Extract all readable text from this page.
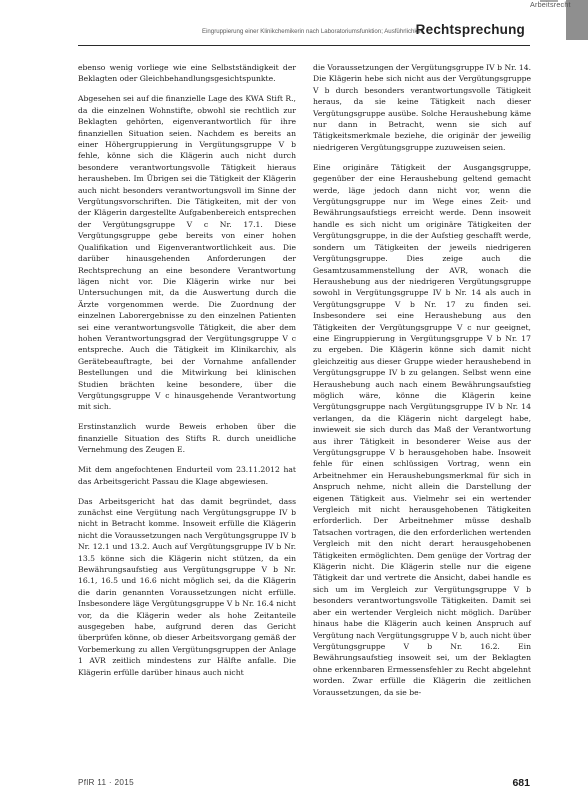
Arbeitsrecht
Eingruppierung einer Klinikchemikerin nach Laboratoriumsfunktion; Ausführlichkeit
Rechtsprechung

ebenso wenig vorliege wie eine Selbstständigkeit der Beklagten oder Gleichbehandlungsgesichtspunkte.

Abgesehen sei auf die finanzielle Lage des KWA Stift R., da die einzelnen Wohnstifte, obwohl sie rechtlich zur Beklagten gehörten, eigenverantwortlich für ihre finanziellen Situation seien. Nachdem es bereits an einer Höhergruppierung in Vergütungsgruppe V b fehle, könne sich die Klägerin auch nicht durch besondere verantwortungsvolle Tätigkeit hieraus herausheben. Im Übrigen sei die Tätigkeit der Klägerin auch nicht besonders verantwortungsvoll im Sinne der Vergütungsvorschriften. Die Tätigkeiten, mit der von der Klägerin dargestellte Aufgabenbereich entsprechen der Vergütungsgruppe V c Nr. 17.1. Diese Vergütungsgruppe gebe bereits von einer hohen Qualifikation und Eigenverantwortlichkeit aus. Die darüber hinausgehenden Anforderungen der Rechtsprechung an eine besondere Verantwortung lägen nicht vor. Die Klägerin wirke nur bei Untersuchungen mit, da die Auswertung durch die Ärzte vorgenommen werde. Die Zuordnung der einzelnen Laborergebnisse zu den einzelnen Patienten sei eine verantwortungsvolle Tätigkeit, die aber dem hohen Verantwortungsgrad der Vergütungsgruppe V c entspreche. Auch die Tätigkeit im Klinikarchiv, als Gerätebeauftragte, bei der Vornahme anfallender Bestellungen und die Mitwirkung bei klinischen Studien brächten keine besondere, über die Vergütungsgruppe V c hinausgehende Verantwortung mit sich.

Erstinstanzlich wurde Beweis erhoben über die finanzielle Situation des Stifts R. durch uneidliche Vernehmung des Zeugen E.

Mit dem angefochtenen Endurteil vom 23.11.2012 hat das Arbeitsgericht Passau die Klage abgewiesen.

Das Arbeitsgericht hat das damit begründet, dass zunächst eine Vergütung nach Vergütungsgruppe IV b nicht in Betracht komme. Insoweit erfülle die Klägerin nicht die Voraussetzungen nach Vergütungsgruppe IV b Nr. 12.1 und 13.2. Auch auf Vergütungsgruppe IV b Nr. 13.5 könne sich die Klägerin nicht stützen, da ein Bewährungsaufstieg aus Vergütungsgruppe V b Nr. 16.1, 16.5 und 16.6 nicht möglich sei, da die Klägerin die darin genannten Voraussetzungen nicht erfülle. Insbesondere läge Vergütungsgruppe V b Nr. 16.4 nicht vor, da die Klägerin weder als hohe Zeitanteile ausgegeben habe, aufgrund deren das Gericht überprüfen könne, ob dieser Arbeitsvorgang gemäß der Vorbemerkung zu allen Vergütungsgruppen der Anlage 1 AVR zeitlich mindestens zur Hälfte anfalle. Die Klägerin erfülle darüber hinaus auch nicht

die Voraussetzungen der Vergütungsgruppe IV b Nr. 14. Die Klägerin hebe sich nicht aus der Vergütungsgruppe V b durch besonders verantwortungsvolle Tätigkeit heraus, da sie keine Tätigkeit nach dieser Vergütungsgruppe ausübe. Solche Heraushebung käme nur dann in Betracht, wenn sie sich auf Tätigkeitsmerkmale beziehe, die originär der jeweilig niedrigeren Vergütungsgruppe zuzuweisen seien.

Eine originäre Tätigkeit der Ausgangsgruppe, gegenüber der eine Heraushebung geltend gemacht werde, läge jedoch dann nicht vor, wenn die Vergütungsgruppe nur im Wege eines Zeit- und Bewährungsaufstiegs erreicht werde. Denn insoweit handle es sich nicht um originäre Tätigkeiten der Vergütungsgruppe, in die der Aufstieg geschafft werde, sondern um Tätigkeiten der jeweils niedrigeren Vergütungsgruppe. Dies zeige auch die Gesamtzusammenstellung der AVR, wonach die Heraushebung aus der niedrigeren Vergütungsgruppe sowohl in Vergütungsgruppe IV b Nr. 14 als auch in Vergütungsgruppe V b Nr. 17 zu finden sei. Insbesondere sei eine Heraushebung aus den Tätigkeiten der Vergütungsgruppe V c nur geeignet, eine Eingruppierung in Vergütungsgruppe V b Nr. 17 zu ergeben. Die Klägerin könne sich damit nicht gleichzeitig aus dieser Gruppe wieder heraushebend in Vergütungsgruppe IV b zu gelangen. Selbst wenn eine Heraushebung auch nach einem Bewährungsaufstieg möglich wäre, könne die Klägerin keine Vergütungsgruppe nach Vergütungsgruppe IV b Nr. 14 verlangen, da die Klägerin nicht dargelegt habe, inwieweit sie sich durch das Maß der Verantwortung aus ihrer Tätigkeit in besonderer Weise aus der Vergütungsgruppe V b herausgehoben habe. Insoweit fehle für einen schlüssigen Vortrag, wenn ein Arbeitnehmer ein Heraushebungsmerkmal für sich in Anspruch nehme, nicht allein die Darstellung der eigenen Tätigkeit aus. Vielmehr sei ein wertender Vergleich mit nicht herausgehobenen Tätigkeiten erforderlich. Der Arbeitnehmer müsse deshalb Tatsachen vortragen, die den erforderlichen wertenden Vergleich mit den nicht derart herausgehobenen Tätigkeiten ermöglichten. Dem genüge der Vortrag der Klägerin nicht. Die Klägerin stelle nur die eigene Tätigkeit dar und vertrete die Ansicht, dabei handle es sich um im Vergleich zur Vergütungsgruppe V b besonders verantwortungsvolle Tätigkeiten. Damit sei aber ein wertender Vergleich nicht möglich. Darüber hinaus habe die Klägerin auch keinen Anspruch auf Vergütung nach Vergütungsgruppe V b, auch nicht über Vergütungsgruppe V b Nr. 16.2. Ein Bewährungsaufstieg insoweit sei, um der Beklagten ohne erkennbaren Ermessensfehler zu Recht abgelehnt worden. Zwar erfülle die Klägerin die zeitlichen Voraussetzungen, da sie be-

PflR 11 · 2015	681
